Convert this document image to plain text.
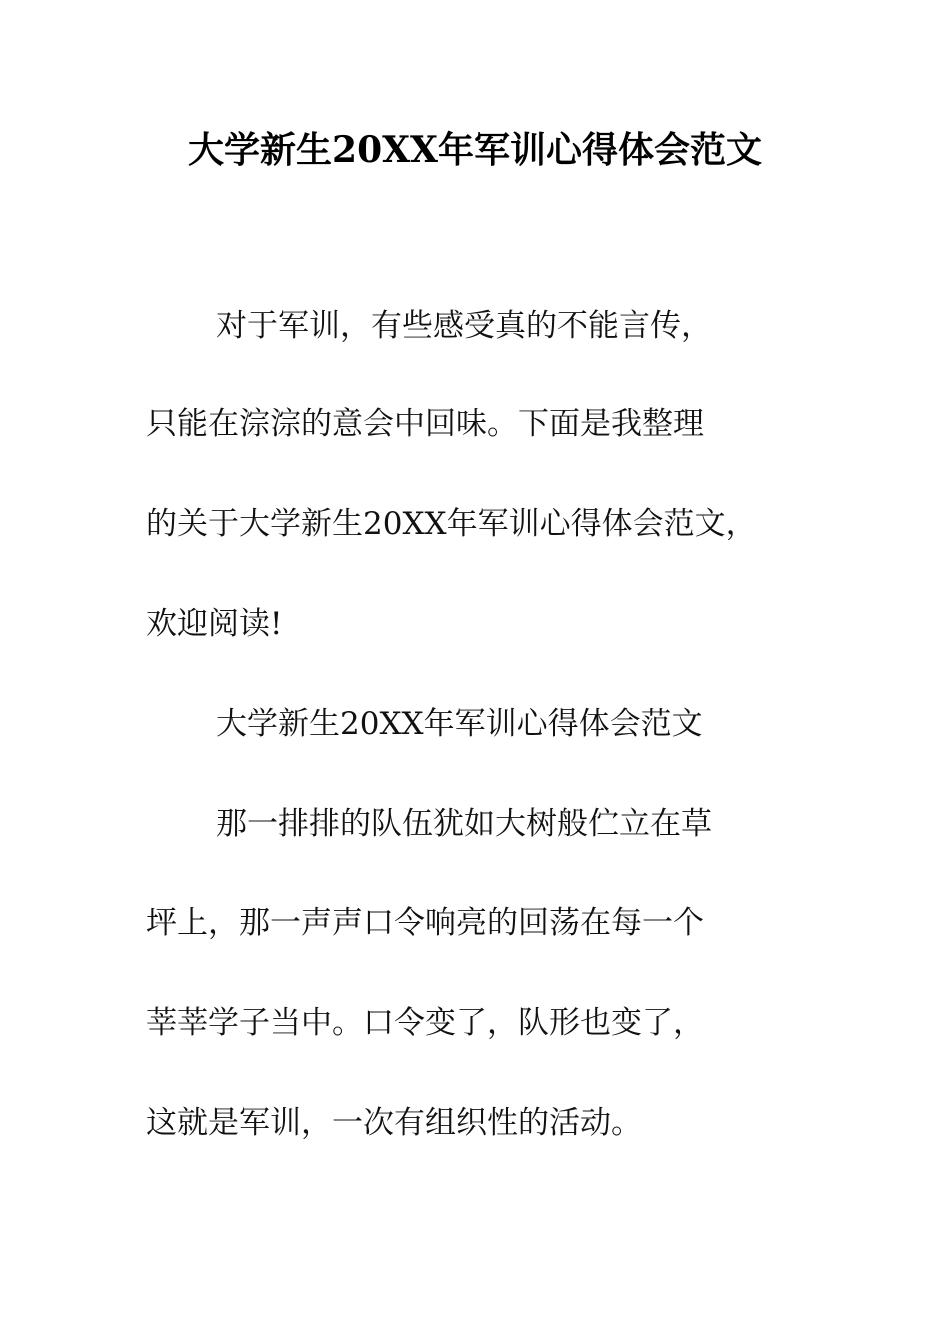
大学新生20XX年军训心得体会范文
对于军训，有些感受真的不能言传，
只能在淙淙的意会中回味。下面是我整理
的关于大学新生20XX年军训心得体会范文，
欢迎阅读!
大学新生20XX年军训心得体会范文
那一排排的队伍犹如大树般伫立在草
坪上，那一声声口令响亮的回荡在每一个
莘莘学子当中。口令变了，队形也变了，
这就是军训，一次有组织性的活动。
